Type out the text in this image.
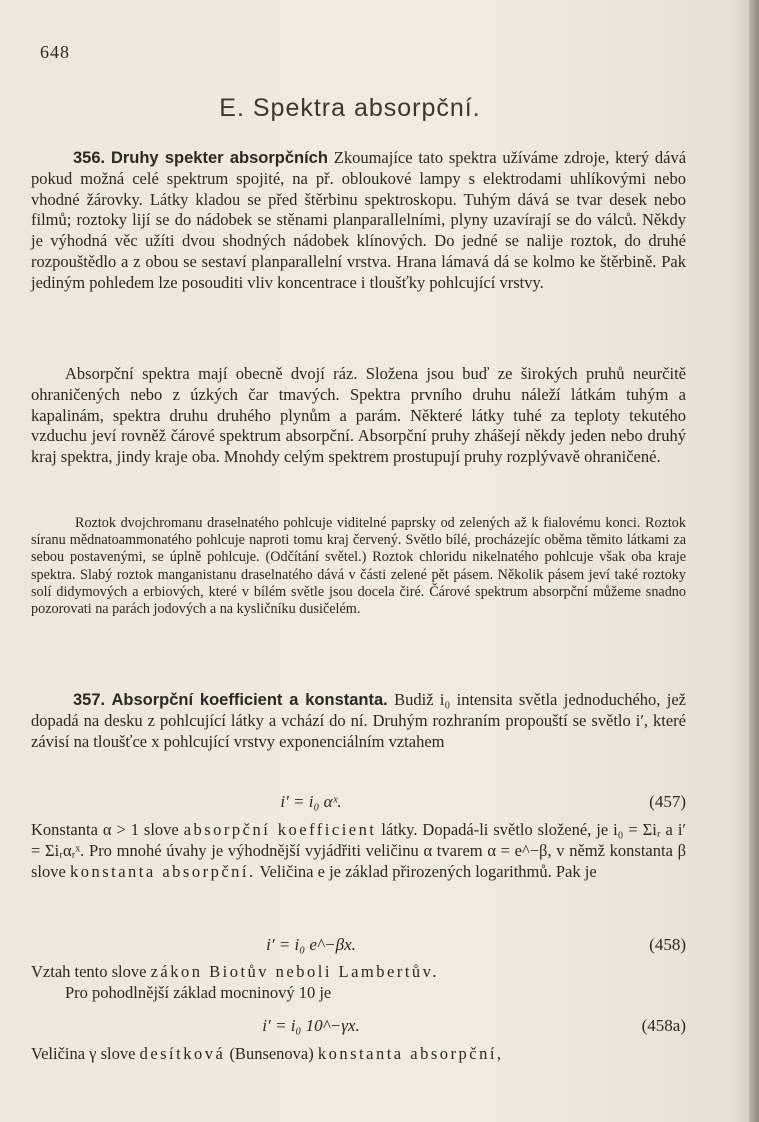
648
E. Spektra absorpční.

356. Druhy spekter absorpčních Zkoumajíce tato spektra užíváme zdroje, který dává pokud možná celé spektrum spojité, na př. obloukové lampy s elektrodami uhlíkovými nebo vhodné žárovky. Látky kladou se před štěrbinu spektroskopu. Tuhým dává se tvar desek nebo filmů; roztoky lijí se do nádobek se stěnami planparallelními, plyny uzavírají se do válců. Někdy je výhodná věc užíti dvou shodných nádobek klínových. Do jedné se nalije roztok, do druhé rozpouštědlo a z obou se sestaví planparallelní vrstva. Hrana lámavá dá se kolmo ke štěrbině. Pak jediným pohledem lze posouditi vliv koncentrace i tloušťky pohlcující vrstvy.

Absorpční spektra mají obecně dvojí ráz. Složena jsou buď ze širokých pruhů neurčitě ohraničených nebo z úzkých čar tmavých. Spektra prvního druhu náleží látkám tuhým a kapalinám, spektra druhu druhého plynům a parám. Některé látky tuhé za teploty tekutého vzduchu jeví rovněž čárové spektrum absorpční. Absorpční pruhy zhášejí někdy jeden nebo druhý kraj spektra, jindy kraje oba. Mnohdy celým spektrem prostupují pruhy rozplývavě ohraničené.

Roztok dvojchromanu draselnatého pohlcuje viditelné paprsky od zelených až k fialovému konci. Roztok síranu mědnatoammonatého pohlcuje naproti tomu kraj červený. Světlo bílé, procházejíc oběma těmito látkami za sebou postavenými, se úplně pohlcuje. (Odčítání světel.) Roztok chloridu nikelnatého pohlcuje však oba kraje spektra. Slabý roztok manganistanu draselnatého dává v části zelené pět pásem. Několik pásem jeví také roztoky solí didymových a erbiových, které v bílém světle jsou docela čiré. Čárové spektrum absorpční můžeme snadno pozorovati na parách jodových a na kysličníku dusičelém.

357. Absorpční koefficient a konstanta. Budiž i₀ intensita světla jednoduchého, jež dopadá na desku z pohlcující látky a vchází do ní. Druhým rozhraním propouští se světlo i′, které závisí na tloušťce x pohlcující vrstvy exponenciálním vztahem

i′ = i₀ αˣ.	(457)
Konstanta α > 1 slove absorpční koefficient látky. Dopadá-li světlo složené, je i₀ = Σiᵣ a i′ = Σiᵣαᵣˣ. Pro mnohé úvahy je výhodnější vyjádřiti veličinu α tvarem α = e^−β, v němž konstanta β slove konstanta absorpční. Veličina e je základ přirozených logarithmů. Pak je
i′ = i₀ e^−βx.	(458)
Vztah tento slove zákon Biotův neboli Lambertův.
Pro pohodlnější základ mocninový 10 je
i′ = i₀ 10^−γx.	(458a)
Veličina γ slove desítková (Bunsenova) konstanta absorpční,
